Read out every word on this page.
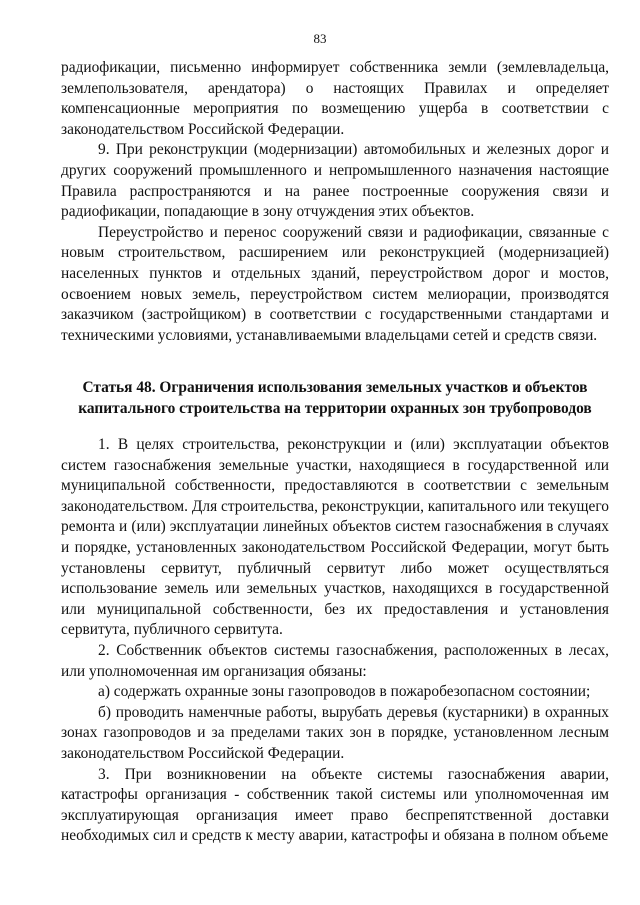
83

радиофикации, письменно информирует собственника земли (землевладельца, землепользователя, арендатора) о настоящих Правилах и определяет компенсационные мероприятия по возмещению ущерба в соответствии с законодательством Российской Федерации.

9. При реконструкции (модернизации) автомобильных и железных дорог и других сооружений промышленного и непромышленного назначения настоящие Правила распространяются и на ранее построенные сооружения связи и радиофикации, попадающие в зону отчуждения этих объектов.

Переустройство и перенос сооружений связи и радиофикации, связанные с новым строительством, расширением или реконструкцией (модернизацией) населенных пунктов и отдельных зданий, переустройством дорог и мостов, освоением новых земель, переустройством систем мелиорации, производятся заказчиком (застройщиком) в соответствии с государственными стандартами и техническими условиями, устанавливаемыми владельцами сетей и средств связи.

Статья 48. Ограничения использования земельных участков и объектов

капитального строительства на территории охранных зон трубопроводов

1. В целях строительства, реконструкции и (или) эксплуатации объектов систем газоснабжения земельные участки, находящиеся в государственной или муниципальной собственности, предоставляются в соответствии с земельным законодательством. Для строительства, реконструкции, капитального или текущего ремонта и (или) эксплуатации линейных объектов систем газоснабжения в случаях и порядке, установленных законодательством Российской Федерации, могут быть установлены сервитут, публичный сервитут либо может осуществляться использование земель или земельных участков, находящихся в государственной или муниципальной собственности, без их предоставления и установления сервитута, публичного сервитута.

2. Собственник объектов системы газоснабжения, расположенных в лесах, или уполномоченная им организация обязаны:

а) содержать охранные зоны газопроводов в пожаробезопасном состоянии;

б) проводить наменчные работы, вырубать деревья (кустарники) в охранных зонах газопроводов и за пределами таких зон в порядке, установленном лесным законодательством Российской Федерации.

3. При возникновении на объекте системы газоснабжения аварии, катастрофы организация - собственник такой системы или уполномоченная им эксплуатирующая организация имеет право беспрепятственной доставки необходимых сил и средств к месту аварии, катастрофы и обязана в полном объеме
